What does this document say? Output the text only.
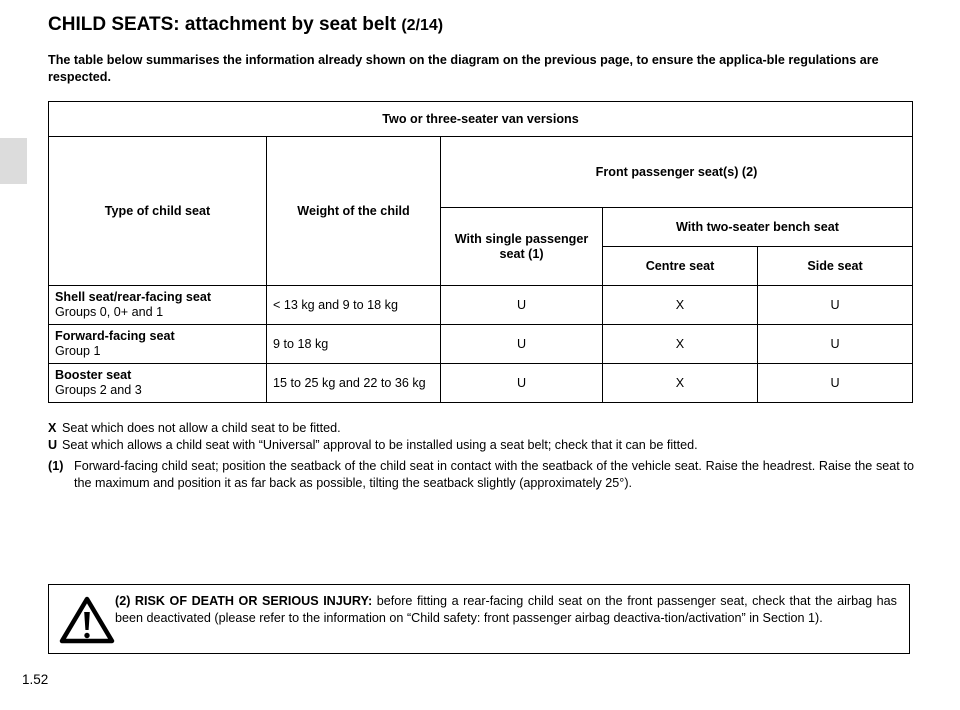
CHILD SEATS: attachment by seat belt (2/14)

The table below summarises the information already shown on the diagram on the previous page, to ensure the applica-ble regulations are respected.

Two or three-seater van versions				
Type of child seat	Weight of the child	Front passenger seat(s) (2)		
		With single passenger seat (1)	With two-seater bench seat	
			Centre seat	Side seat

Shell seat/rear-facing seat
Groups 0, 0+ and 1	< 13 kg and 9 to 18 kg	U	X	U

Forward-facing seat
Group 1	9 to 18 kg	U	X	U

Booster seat
Groups 2 and 3	15 to 25 kg and 22 to 36 kg	U	X	U

X Seat which does not allow a child seat to be fitted.

U Seat which allows a child seat with “Universal” approval to be installed using a seat belt; check that it can be fitted.

(1) Forward-facing child seat; position the seatback of the child seat in contact with the seatback of the vehicle seat. Raise the headrest. Raise the seat to the maximum and position it as far back as possible, tilting the seatback slightly (approximately 25°).

(2) RISK OF DEATH OR SERIOUS INJURY: before fitting a rear-facing child seat on the front passenger seat, check that the airbag has been deactivated (please refer to the information on “Child safety: front passenger airbag deactiva-tion/activation” in Section 1).
1.52
